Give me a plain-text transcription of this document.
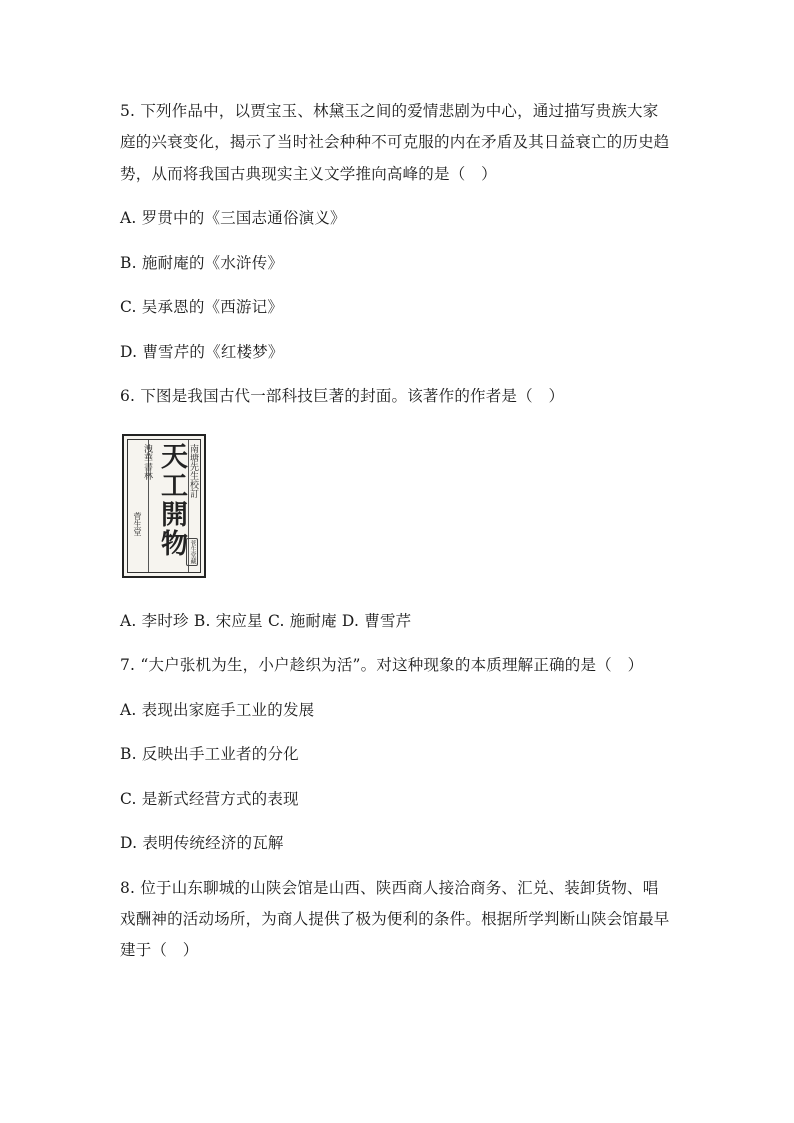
5. 下列作品中，以贾宝玉、林黛玉之间的爱情悲剧为中心，通过描写贵族大家
庭的兴衰变化，揭示了当时社会种种不可克服的内在矛盾及其日益衰亡的历史趋
势，从而将我国古典现实主义文学推向高峰的是（　）
A. 罗贯中的《三国志通俗演义》
B. 施耐庵的《水浒传》
C. 吴承恩的《西游记》
D. 曹雪芹的《红楼梦》
6. 下图是我国古代一部科技巨著的封面。该著作的作者是（　）
洩華書林
菅生堂 天工開物 南塘先生校訂
菅生堂藏
A. 李时珍 B. 宋应星 C. 施耐庵 D. 曹雪芹
7. “大户张机为生，小户趁织为活”。对这种现象的本质理解正确的是（　）
A. 表现出家庭手工业的发展
B. 反映出手工业者的分化
C. 是新式经营方式的表现
D. 表明传统经济的瓦解
8. 位于山东聊城的山陕会馆是山西、陕西商人接洽商务、汇兑、装卸货物、唱
戏酬神的活动场所，为商人提供了极为便利的条件。根据所学判断山陕会馆最早
建于（　）
